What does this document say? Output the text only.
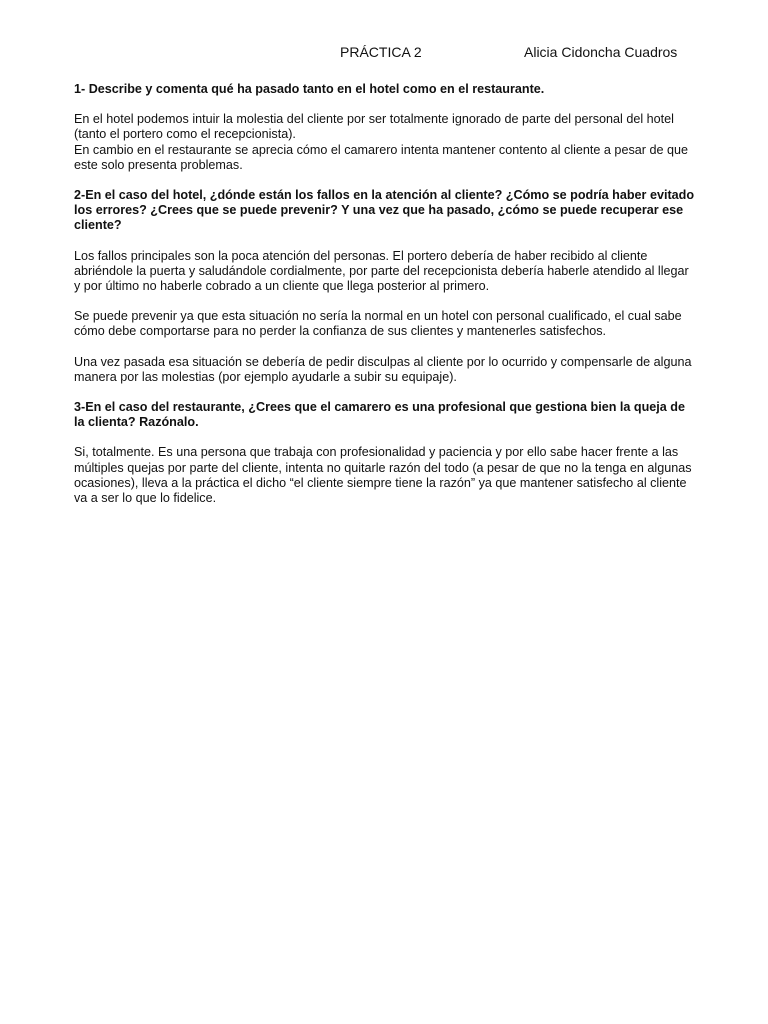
PRÁCTICA 2	Alicia Cidoncha Cuadros

1- Describe y comenta qué ha pasado tanto en el hotel como en el restaurante.

En el hotel podemos intuir la molestia del cliente por ser totalmente ignorado de parte del personal del hotel (tanto el portero como el recepcionista).
En cambio en el restaurante se aprecia cómo el camarero intenta mantener contento al cliente a pesar de que este solo presenta problemas.

2-En el caso del hotel, ¿dónde están los fallos en la atención al cliente? ¿Cómo se podría haber evitado los errores? ¿Crees que se puede prevenir? Y una vez que ha pasado, ¿cómo se puede recuperar ese cliente?

Los fallos principales son la poca atención del personas. El portero debería de haber recibido al cliente abriéndole la puerta y saludándole cordialmente, por parte del recepcionista debería haberle atendido al llegar y por último no haberle cobrado a un cliente que llega posterior al primero.

Se puede prevenir ya que esta situación no sería la normal en un hotel con personal cualificado, el cual sabe cómo debe comportarse para no perder la confianza de sus clientes y mantenerles satisfechos.

Una vez pasada esa situación se debería de pedir disculpas al cliente por lo ocurrido y compensarle de alguna manera por las molestias (por ejemplo ayudarle a subir su equipaje).

3-En el caso del restaurante, ¿Crees que el camarero es una profesional que gestiona bien la queja de la clienta? Razónalo.

Si, totalmente. Es una persona que trabaja con profesionalidad y paciencia y por ello sabe hacer frente a las múltiples quejas por parte del cliente, intenta no quitarle razón del todo (a pesar de que no la tenga en algunas ocasiones), lleva a la práctica el dicho “el cliente siempre tiene la razón” ya que mantener satisfecho al cliente va a ser lo que lo fidelice.
